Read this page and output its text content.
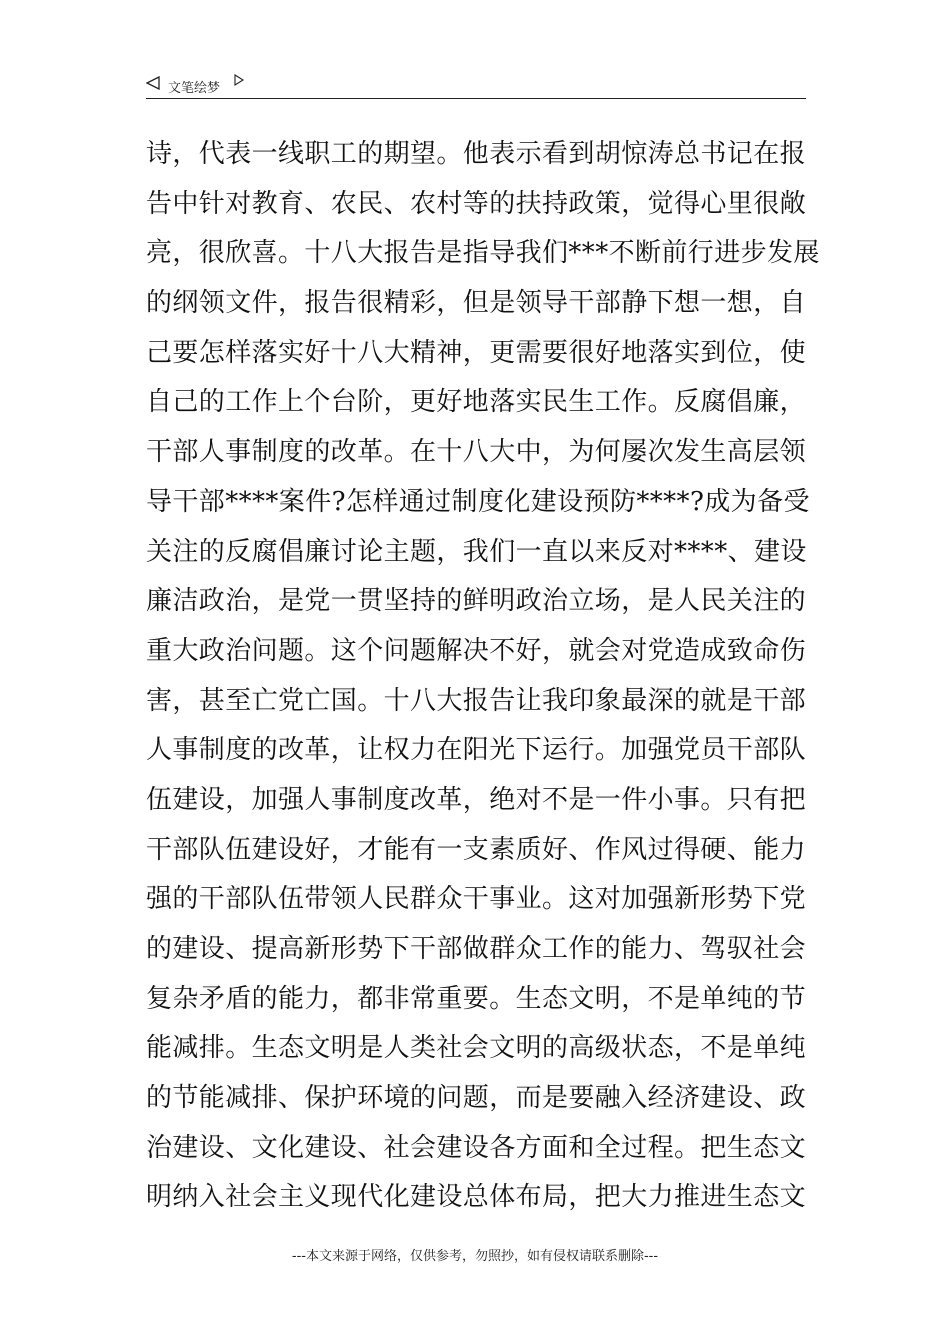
文笔绘梦
诗，代表一线职工的期望。他表示看到胡惊涛总书记在报
告中针对教育、农民、农村等的扶持政策，觉得心里很敞
亮，很欣喜。十八大报告是指导我们***不断前行进步发展
的纲领文件，报告很精彩，但是领导干部静下想一想，自
己要怎样落实好十八大精神，更需要很好地落实到位，使
自己的工作上个台阶，更好地落实民生工作。反腐倡廉，
干部人事制度的改革。在十八大中，为何屡次发生高层领
导干部****案件?怎样通过制度化建设预防****?成为备受
关注的反腐倡廉讨论主题，我们一直以来反对****、建设
廉洁政治，是党一贯坚持的鲜明政治立场，是人民关注的
重大政治问题。这个问题解决不好，就会对党造成致命伤
害，甚至亡党亡国。十八大报告让我印象最深的就是干部
人事制度的改革，让权力在阳光下运行。加强党员干部队
伍建设，加强人事制度改革，绝对不是一件小事。只有把
干部队伍建设好，才能有一支素质好、作风过得硬、能力
强的干部队伍带领人民群众干事业。这对加强新形势下党
的建设、提高新形势下干部做群众工作的能力、驾驭社会
复杂矛盾的能力，都非常重要。生态文明，不是单纯的节
能减排。生态文明是人类社会文明的高级状态，不是单纯
的节能减排、保护环境的问题，而是要融入经济建设、政
治建设、文化建设、社会建设各方面和全过程。把生态文
明纳入社会主义现代化建设总体布局，把大力推进生态文
---本文来源于网络，仅供参考，勿照抄，如有侵权请联系删除---
